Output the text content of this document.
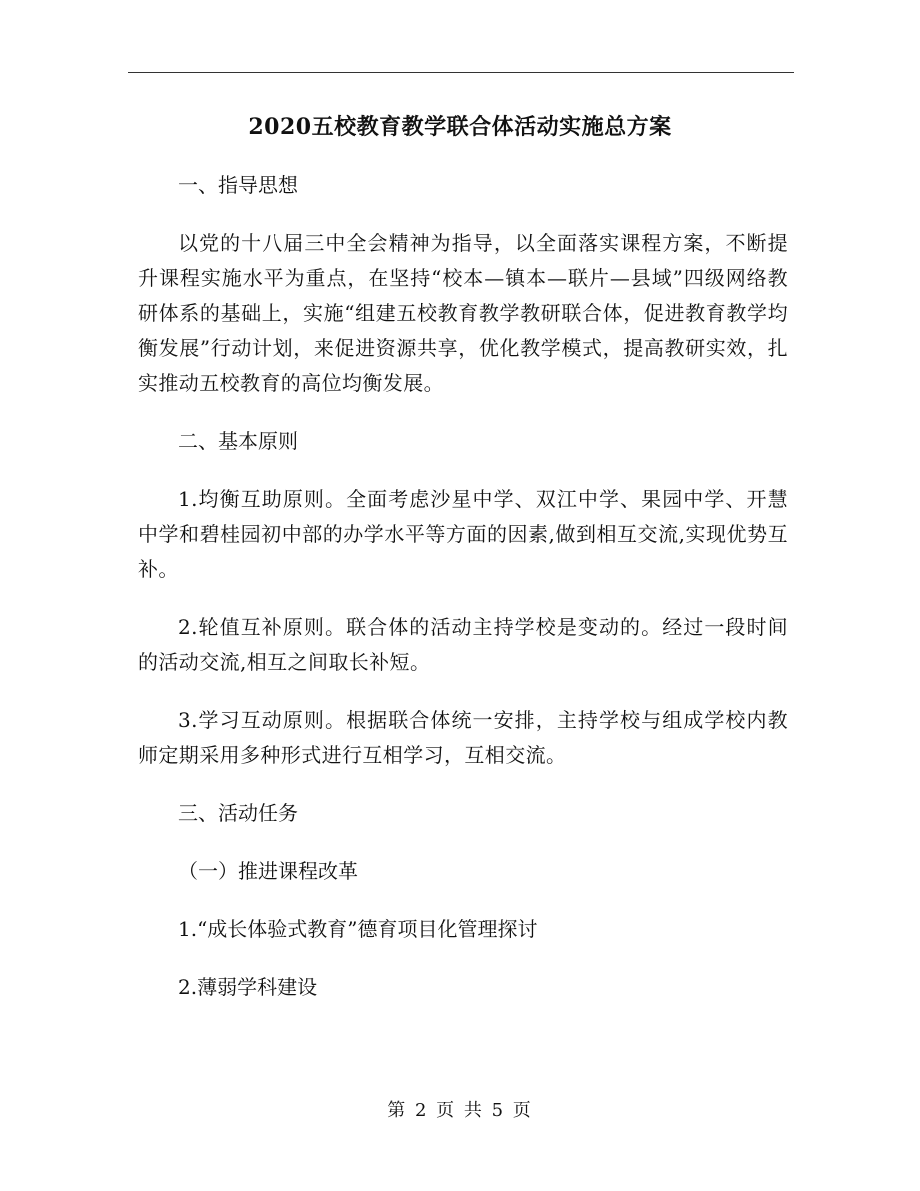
2020五校教育教学联合体活动实施总方案

一、指导思想

以党的十八届三中全会精神为指导，以全面落实课程方案，不断提升课程实施水平为重点，在坚持“校本—镇本—联片—县域”四级网络教研体系的基础上，实施“组建五校教育教学教研联合体，促进教育教学均衡发展”行动计划，来促进资源共享，优化教学模式，提高教研实效，扎实推动五校教育的高位均衡发展。

二、基本原则

1.均衡互助原则。全面考虑沙星中学、双江中学、果园中学、开慧中学和碧桂园初中部的办学水平等方面的因素,做到相互交流,实现优势互补。

2.轮值互补原则。联合体的活动主持学校是变动的。经过一段时间的活动交流,相互之间取长补短。

3.学习互动原则。根据联合体统一安排，主持学校与组成学校内教师定期采用多种形式进行互相学习，互相交流。

三、活动任务

（一）推进课程改革

1.“成长体验式教育”德育项目化管理探讨

2.薄弱学科建设

第 2 页 共 5 页
